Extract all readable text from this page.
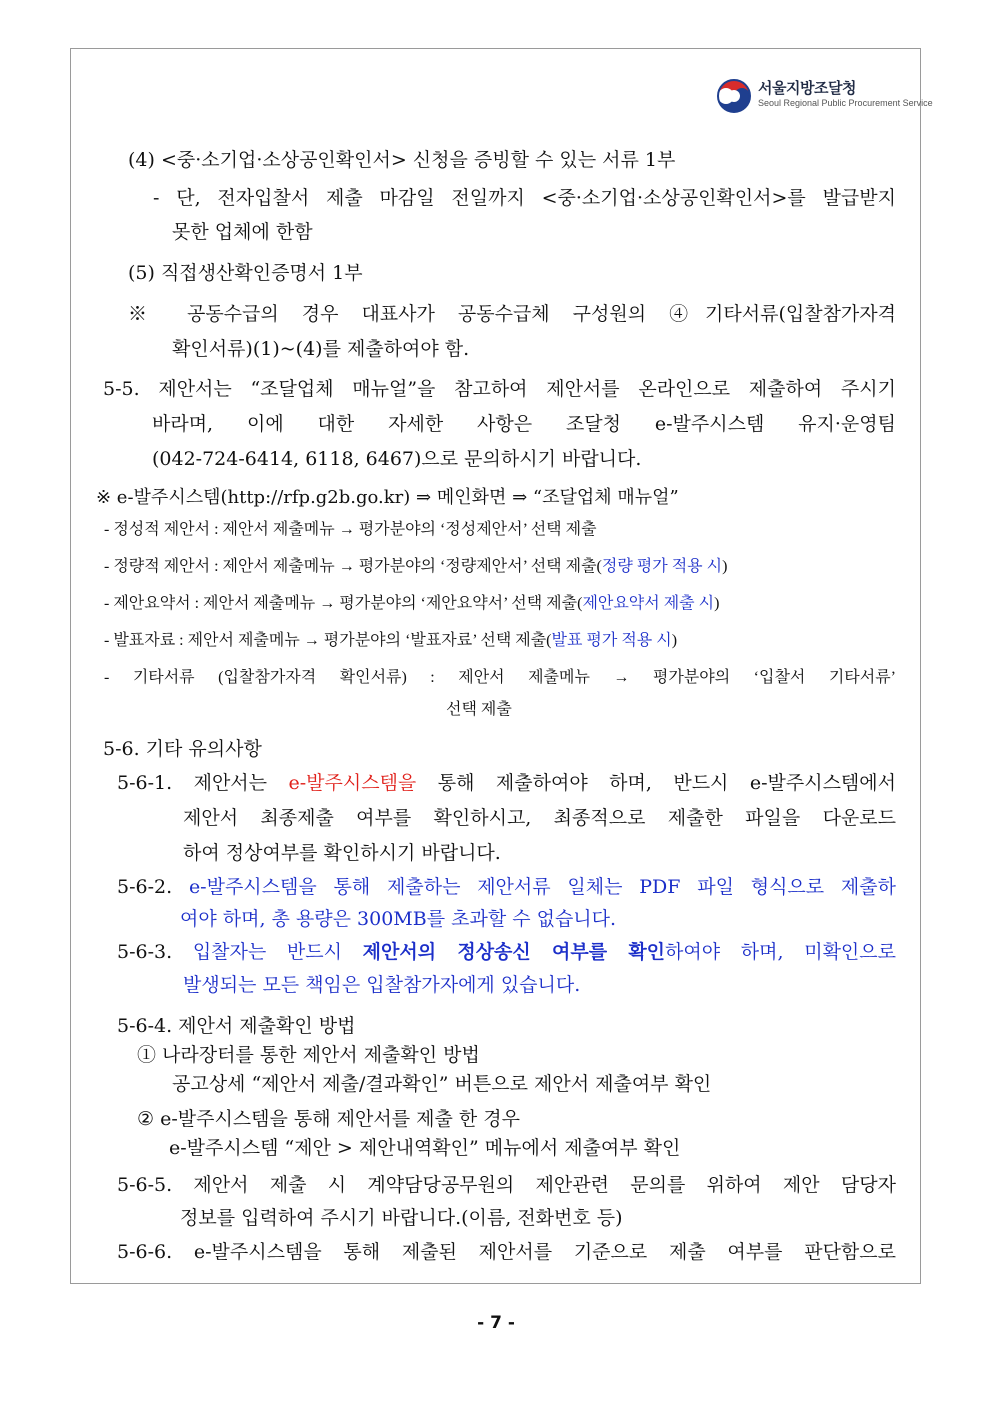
서울지방조달청
Seoul Regional Public Procurement Service
(4) <중·소기업·소상공인확인서> 신청을 증빙할 수 있는 서류 1부
- 단, 전자입찰서 제출 마감일 전일까지 <중·소기업·소상공인확인서>를 발급받지
못한 업체에 한함
(5) 직접생산확인증명서 1부
※ 공동수급의 경우 대표사가 공동수급체 구성원의 ④기타서류(입찰참가자격
확인서류)(1)~(4)를 제출하여야 함.
5-5. 제안서는 “조달업체 매뉴얼”을 참고하여 제안서를 온라인으로 제출하여 주시기
바라며, 이에 대한 자세한 사항은 조달청 e-발주시스템 유지·운영팀
(042-724-6414, 6118, 6467)으로 문의하시기 바랍니다.
※ e-발주시스템(http://rfp.g2b.go.kr) ⇒ 메인화면 ⇒ “조달업체 매뉴얼”
- 정성적 제안서 : 제안서 제출메뉴 → 평가분야의 ‘정성제안서’ 선택 제출
- 정량적 제안서 : 제안서 제출메뉴 → 평가분야의 ‘정량제안서’ 선택 제출(정량 평가 적용 시)
- 제안요약서 : 제안서 제출메뉴 → 평가분야의 ‘제안요약서’ 선택 제출(제안요약서 제출 시)
- 발표자료 : 제안서 제출메뉴 → 평가분야의 ‘발표자료’ 선택 제출(발표 평가 적용 시)
- 기타서류 (입찰참가자격 확인서류) : 제안서 제출메뉴 → 평가분야의 ‘입찰서 기타서류’
선택 제출
5-6. 기타 유의사항
5-6-1. 제안서는 e-발주시스템을 통해 제출하여야 하며, 반드시 e-발주시스템에서
제안서 최종제출 여부를 확인하시고, 최종적으로 제출한 파일을 다운로드
하여 정상여부를 확인하시기 바랍니다.
5-6-2. e-발주시스템을 통해 제출하는 제안서류 일체는 PDF 파일 형식으로 제출하
여야 하며, 총 용량은 300MB를 초과할 수 없습니다.
5-6-3. 입찰자는 반드시 제안서의 정상송신 여부를 확인하여야 하며, 미확인으로
발생되는 모든 책임은 입찰참가자에게 있습니다.
5-6-4. 제안서 제출확인 방법
① 나라장터를 통한 제안서 제출확인 방법
공고상세 “제안서 제출/결과확인” 버튼으로 제안서 제출여부 확인
② e-발주시스템을 통해 제안서를 제출 한 경우
e-발주시스템 “제안 > 제안내역확인” 메뉴에서 제출여부 확인
5-6-5. 제안서 제출 시 계약담당공무원의 제안관련 문의를 위하여 제안 담당자
정보를 입력하여 주시기 바랍니다.(이름, 전화번호 등)
5-6-6. e-발주시스템을 통해 제출된 제안서를 기준으로 제출 여부를 판단함으로
- 7 -
